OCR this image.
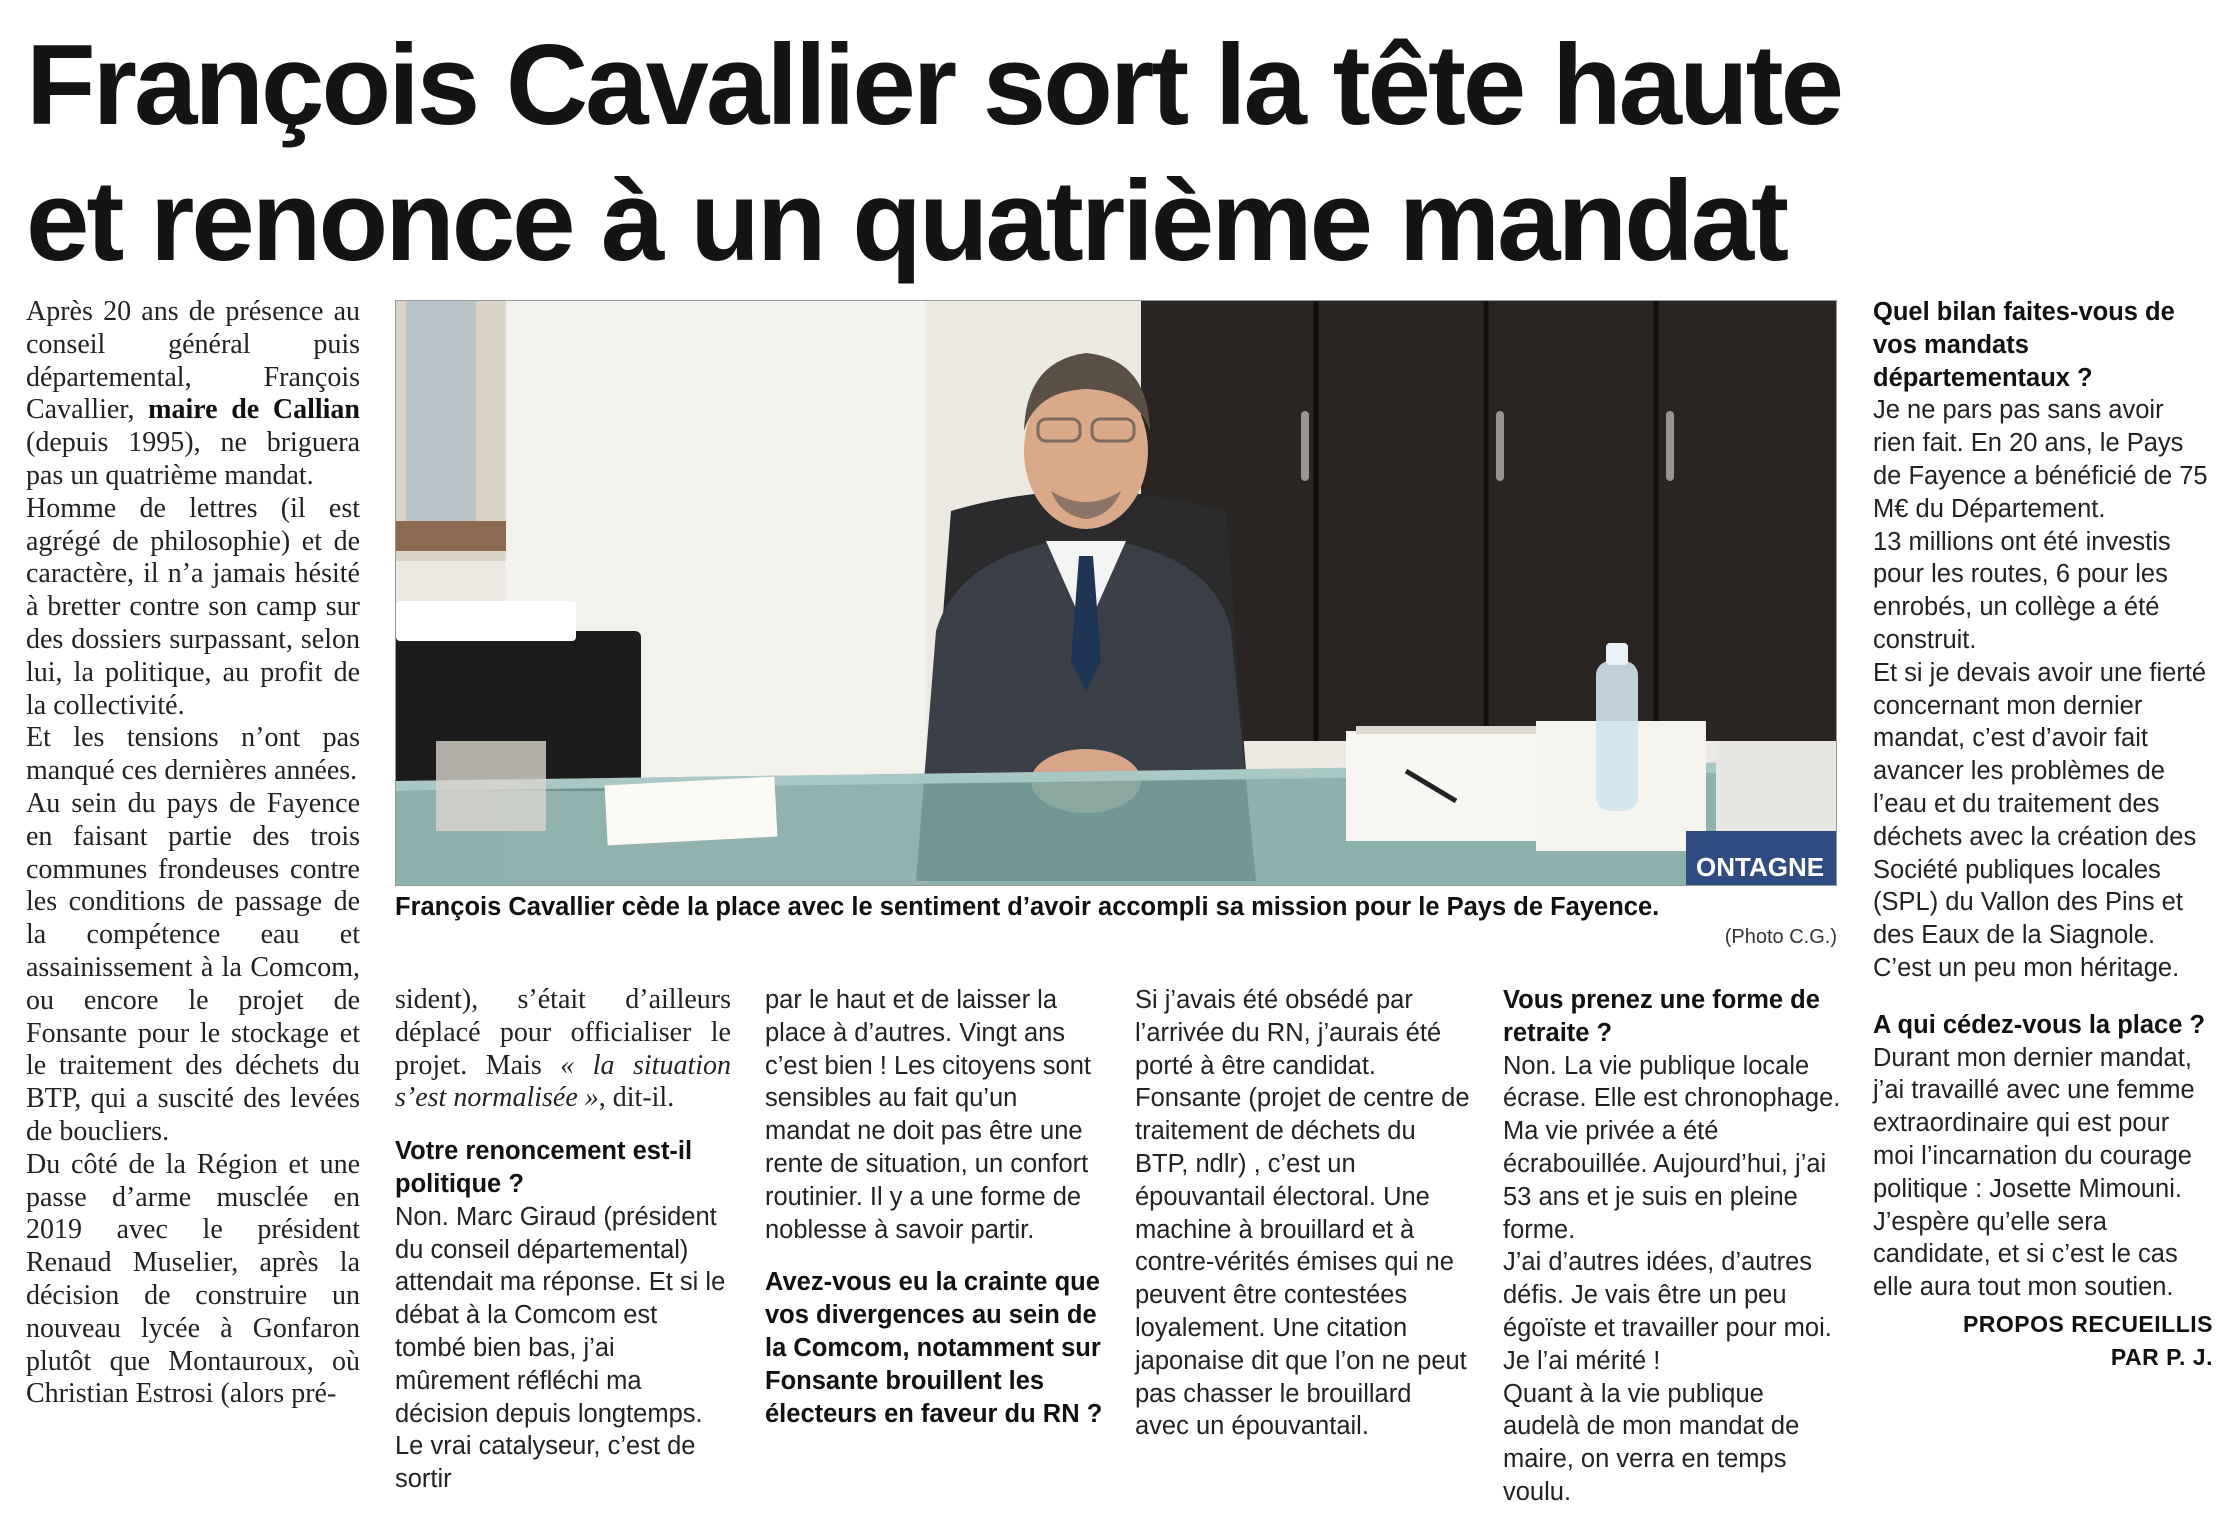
François Cavallier sort la tête haute
et renonce à un quatrième mandat

Après 20 ans de présence au conseil général puis départemental, François Cavallier, maire de Callian (depuis 1995), ne briguera pas un quatrième mandat.

Homme de lettres (il est agrégé de philosophie) et de caractère, il n’a jamais hésité à bretter contre son camp sur des dossiers surpassant, selon lui, la politique, au profit de la collectivité.

Et les tensions n’ont pas manqué ces dernières années.

Au sein du pays de Fayence en faisant partie des trois communes frondeuses contre les conditions de passage de la compétence eau et assainissement à la Comcom, ou encore le projet de Fonsante pour le stockage et le traitement des déchets du BTP, qui a suscité des levées de boucliers.

Du côté de la Région et une passe d’arme musclée en 2019 avec le président Renaud Muselier, après la décision de construire un nouveau lycée à Gonfaron plutôt que Montauroux, où Christian Estrosi (alors pré-

ONTAGNE
François Cavallier cède la place avec le sentiment d’avoir accompli sa mission pour le Pays de Fayence.
(Photo C.G.)

sident), s’était d’ailleurs déplacé pour officialiser le projet. Mais « la situation s’est normalisée », dit-il.

Votre renoncement est-il politique ?

Non. Marc Giraud (président du conseil départemental) attendait ma réponse. Et si le débat à la Comcom est tombé bien bas, j’ai mûrement réfléchi ma décision depuis longtemps. Le vrai catalyseur, c’est de sortir

par le haut et de laisser la place à d’autres. Vingt ans c’est bien ! Les citoyens sont sensibles au fait qu’un mandat ne doit pas être une rente de situation, un confort routinier. Il y a une forme de noblesse à savoir partir.

Avez-vous eu la crainte que vos divergences au sein de la Comcom, notamment sur Fonsante brouillent les électeurs en faveur du RN ?

Si j’avais été obsédé par l’arrivée du RN, j’aurais été porté à être candidat.

Fonsante (projet de centre de traitement de déchets du BTP, ndlr) , c’est un épouvantail électoral. Une machine à brouillard et à contre-vérités émises qui ne peuvent être contestées loyalement. Une citation japonaise dit que l’on ne peut pas chasser le brouillard avec un épouvantail.

Vous prenez une forme de retraite ?

Non. La vie publique locale écrase. Elle est chronophage. Ma vie privée a été écrabouillée. Aujourd’hui, j’ai 53 ans et je suis en pleine forme.

J’ai d’autres idées, d’autres défis. Je vais être un peu égoïste et travailler pour moi. Je l’ai mérité !

Quant à la vie publique audelà de mon mandat de maire, on verra en temps voulu.

Quel bilan faites-vous de vos mandats départementaux ?

Je ne pars pas sans avoir rien fait. En 20 ans, le Pays de Fayence a bénéficié de 75 M€ du Département.

13 millions ont été investis pour les routes, 6 pour les enrobés, un collège a été construit.

Et si je devais avoir une fierté concernant mon dernier mandat, c’est d’avoir fait avancer les problèmes de l’eau et du traitement des déchets avec la création des Société publiques locales (SPL) du Vallon des Pins et des Eaux de la Siagnole. C’est un peu mon héritage.

A qui cédez-vous la place ?

Durant mon dernier mandat, j’ai travaillé avec une femme extraordinaire qui est pour moi l’incarnation du courage politique : Josette Mimouni. J’espère qu’elle sera candidate, et si c’est le cas elle aura tout mon soutien.

PROPOS RECUEILLIS

PAR P. J.
